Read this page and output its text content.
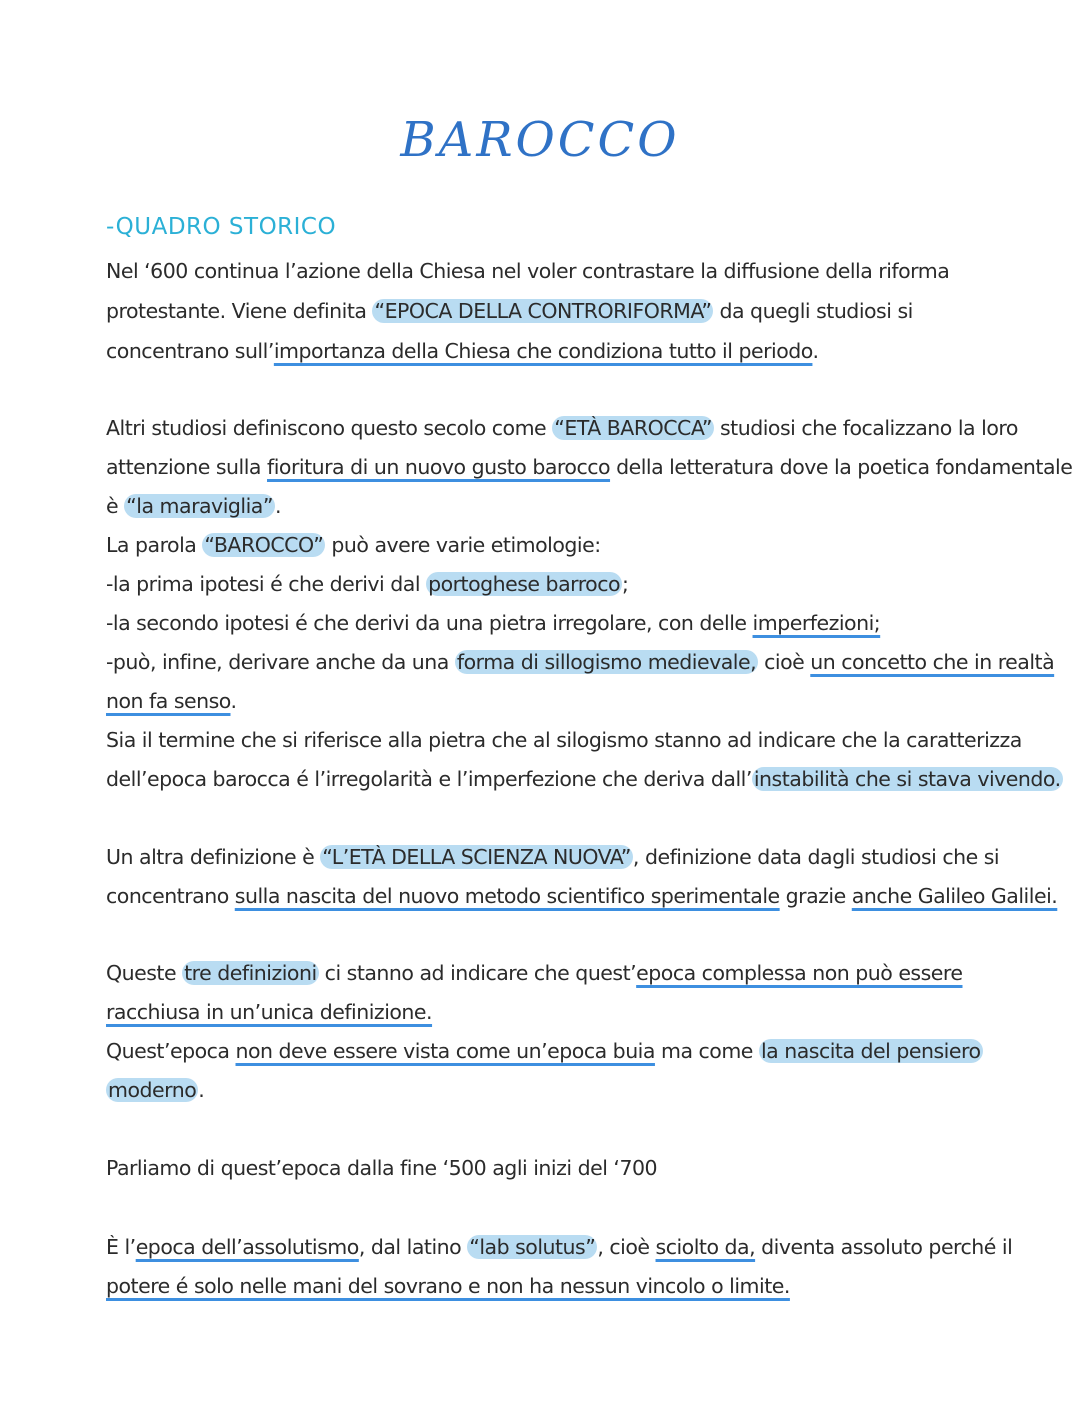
BAROCCO
-QUADRO STORICO
Nel ‘600 continua l’azione della Chiesa nel voler contrastare la diffusione della riforma
protestante. Viene definita “EPOCA DELLA CONTRORIFORMA” da quegli studiosi si
concentrano sull’importanza della Chiesa che condiziona tutto il periodo.
Altri studiosi definiscono questo secolo come “ETÀ BAROCCA” studiosi che focalizzano la loro
attenzione sulla fioritura di un nuovo gusto barocco della letteratura dove la poetica fondamentale
è “la maraviglia”.
La parola “BAROCCO” può avere varie etimologie:
-la prima ipotesi é che derivi dal portoghese barroco;
-la secondo ipotesi é che derivi da una pietra irregolare, con delle imperfezioni;
-può, infine, derivare anche da una forma di sillogismo medievale, cioè un concetto che in realtà
non fa senso.
Sia il termine che si riferisce alla pietra che al silogismo stanno ad indicare che la caratterizza
dell’epoca barocca é l’irregolarità e l’imperfezione che deriva dall’instabilità che si stava vivendo.
Un altra definizione è “L’ETÀ DELLA SCIENZA NUOVA”, definizione data dagli studiosi che si
concentrano sulla nascita del nuovo metodo scientifico sperimentale grazie anche Galileo Galilei.
Queste tre definizioni ci stanno ad indicare che quest’epoca complessa non può essere
racchiusa in un’unica definizione.
Quest’epoca non deve essere vista come un’epoca buia ma come la nascita del pensiero
moderno.
Parliamo di quest’epoca dalla fine ‘500 agli inizi del ‘700
È l’epoca dell’assolutismo, dal latino “lab solutus”, cioè sciolto da, diventa assoluto perché il
potere é solo nelle mani del sovrano e non ha nessun vincolo o limite.
